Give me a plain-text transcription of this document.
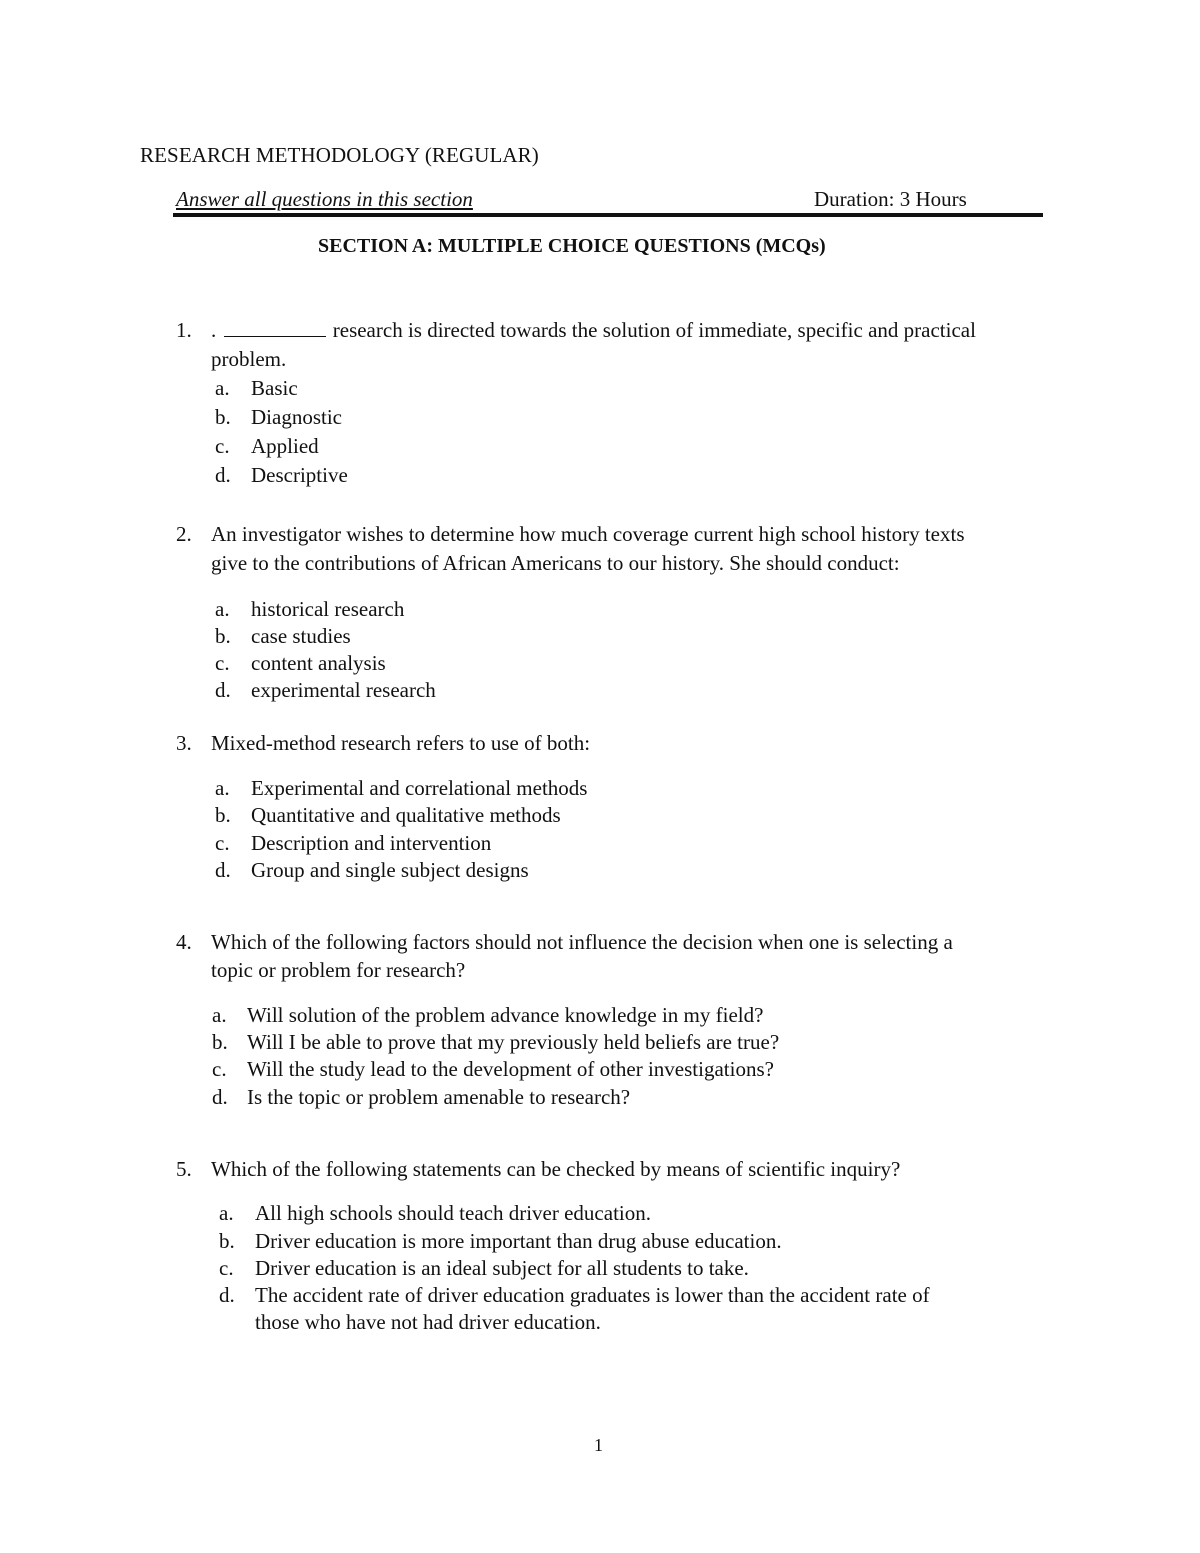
RESEARCH METHODOLOGY (REGULAR)
Answer all questions in this section	Duration: 3 Hours
SECTION A: MULTIPLE CHOICE QUESTIONS (MCQs)
1. .	research is directed towards the solution of immediate, specific and practical
problem.
a. Basic
b. Diagnostic
c. Applied
d. Descriptive
2. An investigator wishes to determine how much coverage current high school history texts
give to the contributions of African Americans to our history. She should conduct:
a. historical research
b. case studies
c. content analysis
d. experimental research
3. Mixed-method research refers to use of both:
a. Experimental and correlational methods
b. Quantitative and qualitative methods
c. Description and intervention
d. Group and single subject designs
4. Which of the following factors should not influence the decision when one is selecting a
topic or problem for research?
a. Will solution of the problem advance knowledge in my field?
b. Will I be able to prove that my previously held beliefs are true?
c. Will the study lead to the development of other investigations?
d. Is the topic or problem amenable to research?
5. Which of the following statements can be checked by means of scientific inquiry?
a. All high schools should teach driver education.
b. Driver education is more important than drug abuse education.
c. Driver education is an ideal subject for all students to take.
d. The accident rate of driver education graduates is lower than the accident rate of
those who have not had driver education.
1
